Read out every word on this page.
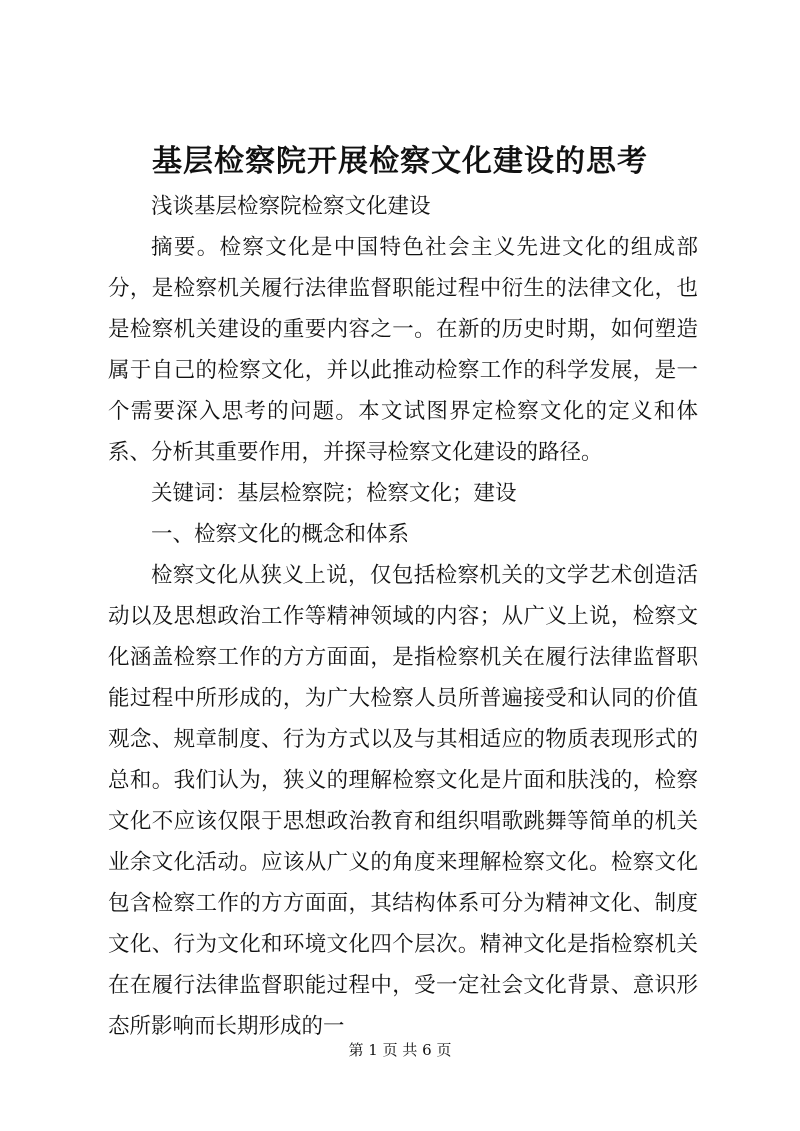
基层检察院开展检察文化建设的思考

浅谈基层检察院检察文化建设

摘要。检察文化是中国特色社会主义先进文化的组成部分，是检察机关履行法律监督职能过程中衍生的法律文化，也是检察机关建设的重要内容之一。在新的历史时期，如何塑造属于自己的检察文化，并以此推动检察工作的科学发展，是一个需要深入思考的问题。本文试图界定检察文化的定义和体系、分析其重要作用，并探寻检察文化建设的路径。

关键词：基层检察院；检察文化；建设

一、检察文化的概念和体系

检察文化从狭义上说，仅包括检察机关的文学艺术创造活动以及思想政治工作等精神领域的内容；从广义上说，检察文化涵盖检察工作的方方面面，是指检察机关在履行法律监督职能过程中所形成的，为广大检察人员所普遍接受和认同的价值观念、规章制度、行为方式以及与其相适应的物质表现形式的总和。我们认为，狭义的理解检察文化是片面和肤浅的，检察文化不应该仅限于思想政治教育和组织唱歌跳舞等简单的机关业余文化活动。应该从广义的角度来理解检察文化。检察文化包含检察工作的方方面面，其结构体系可分为精神文化、制度文化、行为文化和环境文化四个层次。精神文化是指检察机关在在履行法律监督职能过程中，受一定社会文化背景、意识形态所影响而长期形成的一

第 1 页 共 6 页
